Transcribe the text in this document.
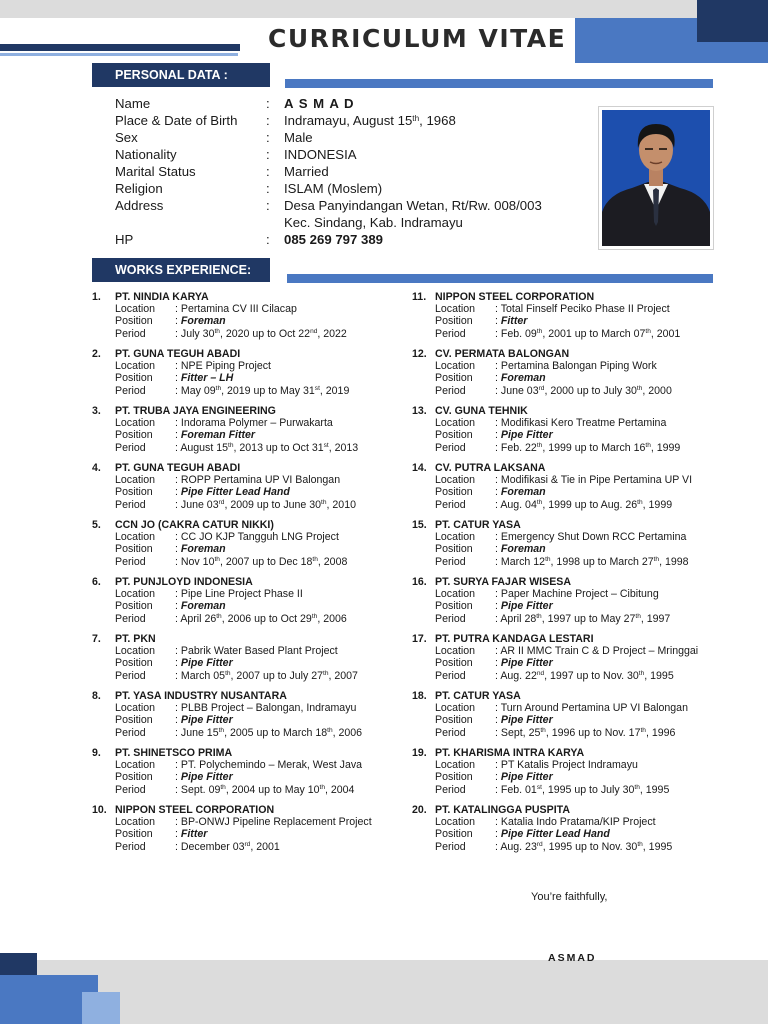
CURRICULUM VITAE
PERSONAL DATA :
Name	: A S M A D
Place & Date of Birth	: Indramayu, August 15th, 1968
Sex	: Male
Nationality	: INDONESIA
Marital Status	: Married
Religion	: ISLAM (Moslem)
Address	: Desa Panyindangan Wetan, Rt/Rw. 008/003
Kec. Sindang, Kab. Indramayu
HP	: 085 269 797 389
WORKS EXPERIENCE:
1. PT. NINDIA KARYA
Location : Pertamina CV III Cilacap
Position : Foreman
Period	: July 30th, 2020 up to Oct 22nd, 2022
2. PT. GUNA TEGUH ABADI
Location : NPE Piping Project
Position : Fitter – LH
Period	: May 09th, 2019 up to May 31st, 2019
3. PT. TRUBA JAYA ENGINEERING
Location : Indorama Polymer – Purwakarta
Position : Foreman Fitter
Period	: August 15th, 2013 up to Oct 31st, 2013
4. PT. GUNA TEGUH ABADI
Location : ROPP Pertamina UP VI Balongan
Position : Pipe Fitter Lead Hand
Period	: June 03rd, 2009 up to June 30th, 2010
5. CCN JO (CAKRA CATUR NIKKI)
Location : CC JO KJP Tangguh LNG Project
Position : Foreman
Period	: Nov 10th, 2007 up to Dec 18th, 2008
6. PT. PUNJLOYD INDONESIA
Location : Pipe Line Project Phase II
Position : Foreman
Period	: April 26th, 2006 up to Oct 29th, 2006
7. PT. PKN
Location : Pabrik Water Based Plant Project
Position : Pipe Fitter
Period	: March 05th, 2007 up to July 27th, 2007
8. PT. YASA INDUSTRY NUSANTARA
Location : PLBB Project – Balongan, Indramayu
Position : Pipe Fitter
Period	: June 15th, 2005 up to March 18th, 2006
9. PT. SHINETSCO PRIMA
Location : PT. Polychemindo – Merak, West Java
Position : Pipe Fitter
Period	: Sept. 09th, 2004 up to May 10th, 2004
10. NIPPON STEEL CORPORATION
Location : BP-ONWJ Pipeline Replacement Project
Position : Fitter
Period	: December 03rd, 2001
11. NIPPON STEEL CORPORATION
Location : Total Finself Peciko Phase II Project
Position : Fitter
Period	: Feb. 09th, 2001 up to March 07th, 2001
12. CV. PERMATA BALONGAN
Location : Pertamina Balongan Piping Work
Position : Foreman
Period	: June 03rd, 2000 up to July 30th, 2000
13. CV. GUNA TEHNIK
Location : Modifikasi Kero Treatme Pertamina
Position : Pipe Fitter
Period	: Feb. 22th, 1999 up to March 16th, 1999
14. CV. PUTRA LAKSANA
Location : Modifikasi & Tie in Pipe Pertamina UP VI
Position : Foreman
Period	: Aug. 04th, 1999 up to Aug. 26th, 1999
15. PT. CATUR YASA
Location : Emergency Shut Down RCC Pertamina
Position : Foreman
Period	: March 12th, 1998 up to March 27th, 1998
16. PT. SURYA FAJAR WISESA
Location : Paper Machine Project – Cibitung
Position : Pipe Fitter
Period	: April 28th, 1997 up to May 27th, 1997
17. PT. PUTRA KANDAGA LESTARI
Location : AR II MMC Train C & D Project – Mringgai
Position : Pipe Fitter
Period	: Aug. 22nd, 1997 up to Nov. 30th, 1995
18. PT. CATUR YASA
Location : Turn Around Pertamina UP VI Balongan
Position : Pipe Fitter
Period	: Sept, 25th, 1996 up to Nov. 17th, 1996
19. PT. KHARISMA INTRA KARYA
Location : PT Katalis Project Indramayu
Position : Pipe Fitter
Period	: Feb. 01st, 1995 up to July 30th, 1995
20. PT. KATALINGGA PUSPITA
Location : Katalia Indo Pratama/KIP Project
Position : Pipe Fitter Lead Hand
Period	: Aug. 23rd, 1995 up to Nov. 30th, 1995
You’re faithfully,
ASMAD
